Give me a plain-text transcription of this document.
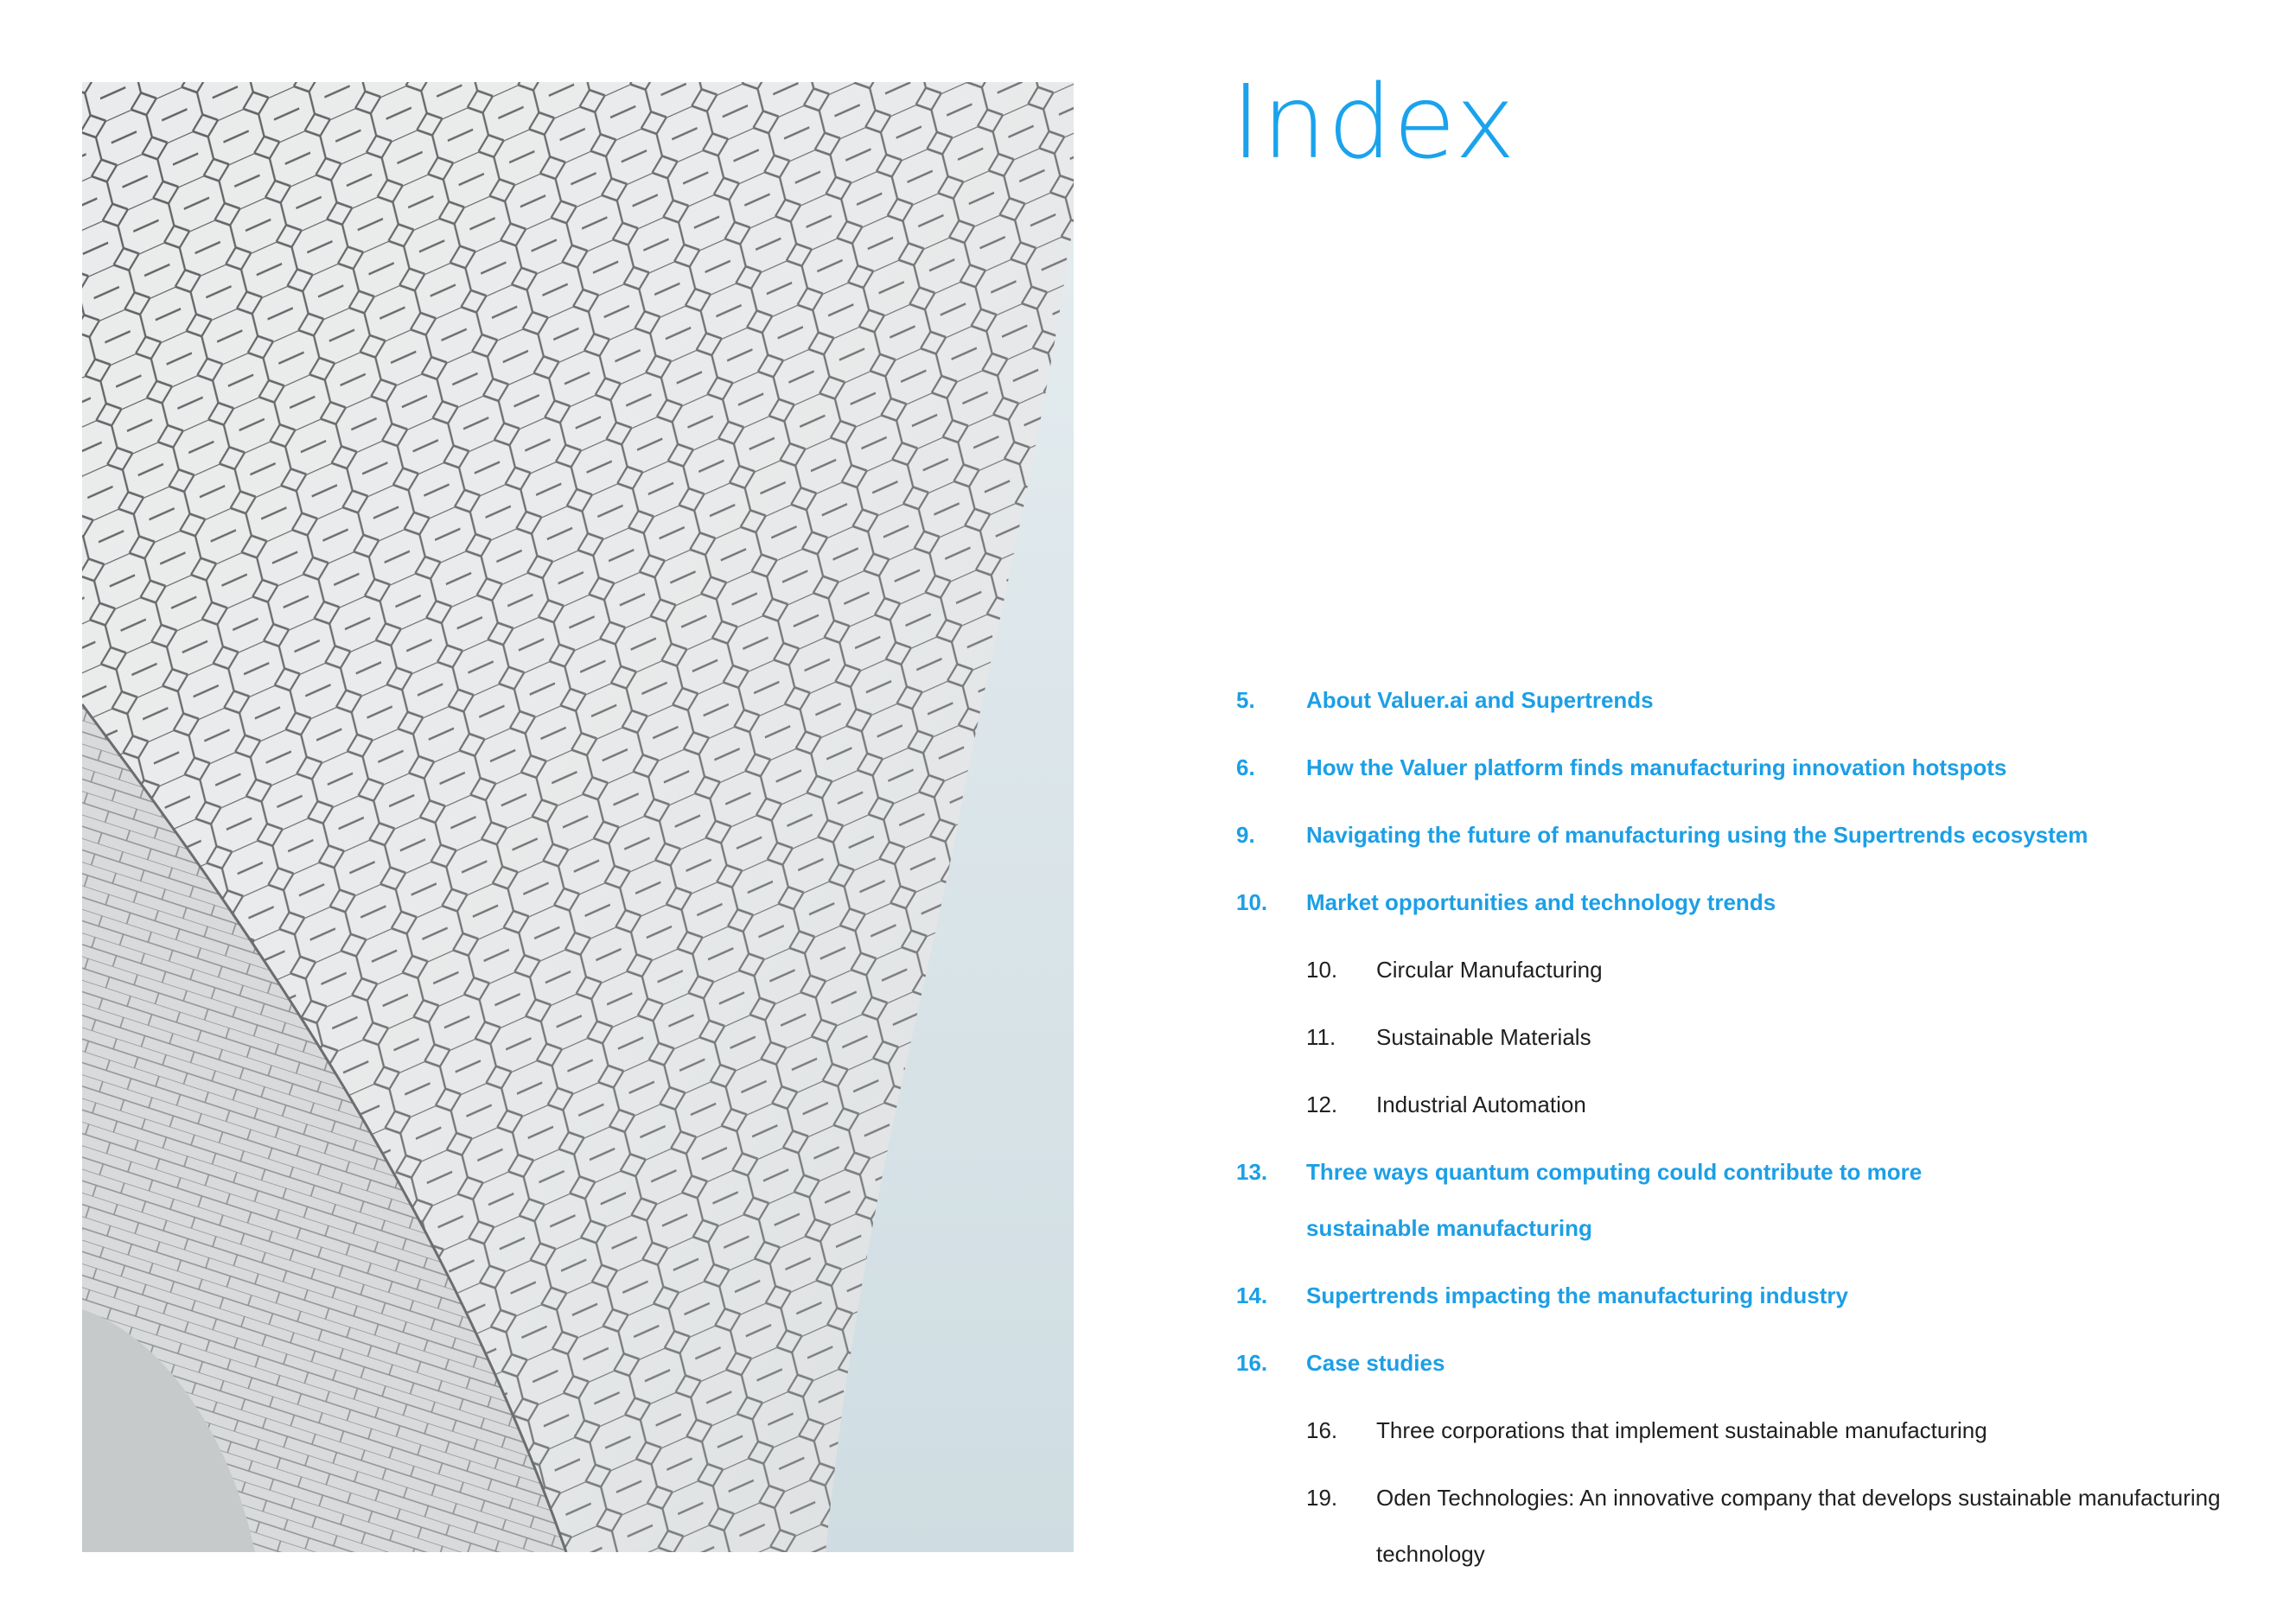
Index
5.	About Valuer.ai and Supertrends
6.	How the Valuer platform finds manufacturing innovation hotspots
9.	Navigating the future of manufacturing using the Supertrends ecosystem
10.	Market opportunities and technology trends
10.	Circular Manufacturing
11.	Sustainable Materials
12.	Industrial Automation
13.	Three ways quantum computing could contribute to more sustainable manufacturing
14.	Supertrends impacting the manufacturing industry
16.	Case studies
16.	Three corporations that implement sustainable manufacturing
19.	Oden Technologies: An innovative company that develops sustainable manufacturing technology
